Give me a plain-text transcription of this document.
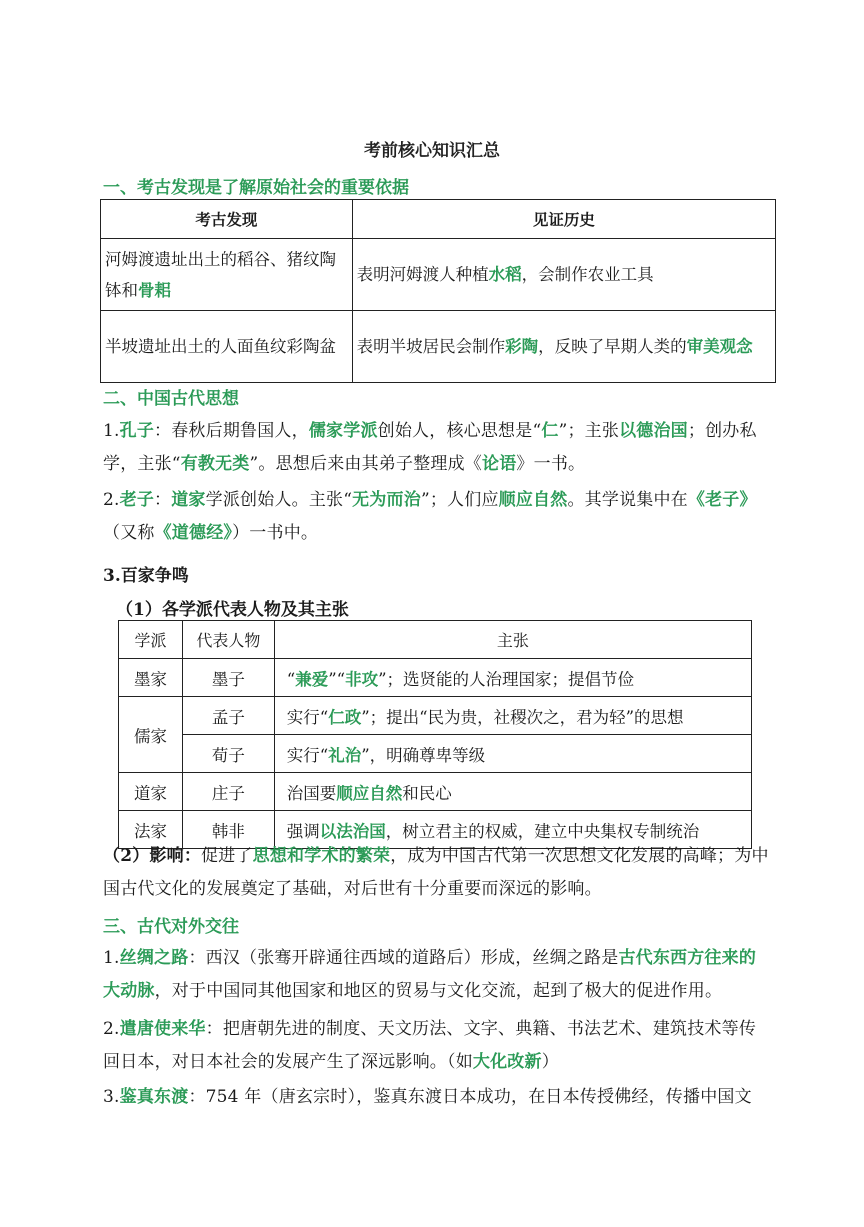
考前核心知识汇总
一、考古发现是了解原始社会的重要依据
考古发现	见证历史
河姆渡遗址出土的稻谷、猪纹陶钵和骨耜	表明河姆渡人种植水稻，会制作农业工具
半坡遗址出土的人面鱼纹彩陶盆	表明半坡居民会制作彩陶，反映了早期人类的审美观念
二、中国古代思想
1.孔子：春秋后期鲁国人，儒家学派创始人，核心思想是“仁”；主张以德治国；创办私学，主张“有教无类”。思想后来由其弟子整理成《论语》一书。
2.老子：道家学派创始人。主张“无为而治”；人们应顺应自然。其学说集中在《老子》（又称《道德经》）一书中。
3.百家争鸣
（1）各学派代表人物及其主张
学派	代表人物	主张
墨家	墨子	“兼爱”“非攻”；选贤能的人治理国家；提倡节俭
儒家	孟子	实行“仁政”；提出“民为贵，社稷次之，君为轻”的思想
	荀子	实行“礼治”，明确尊卑等级
道家	庄子	治国要顺应自然和民心
法家	韩非	强调以法治国，树立君主的权威，建立中央集权专制统治
（2）影响：促进了思想和学术的繁荣，成为中国古代第一次思想文化发展的高峰；为中国古代文化的发展奠定了基础，对后世有十分重要而深远的影响。
三、古代对外交往
1.丝绸之路：西汉（张骞开辟通往西域的道路后）形成，丝绸之路是古代东西方往来的大动脉，对于中国同其他国家和地区的贸易与文化交流，起到了极大的促进作用。
2.遣唐使来华：把唐朝先进的制度、天文历法、文字、典籍、书法艺术、建筑技术等传回日本，对日本社会的发展产生了深远影响。（如大化改新）
3.鉴真东渡：754 年（唐玄宗时），鉴真东渡日本成功，在日本传授佛经，传播中国文
